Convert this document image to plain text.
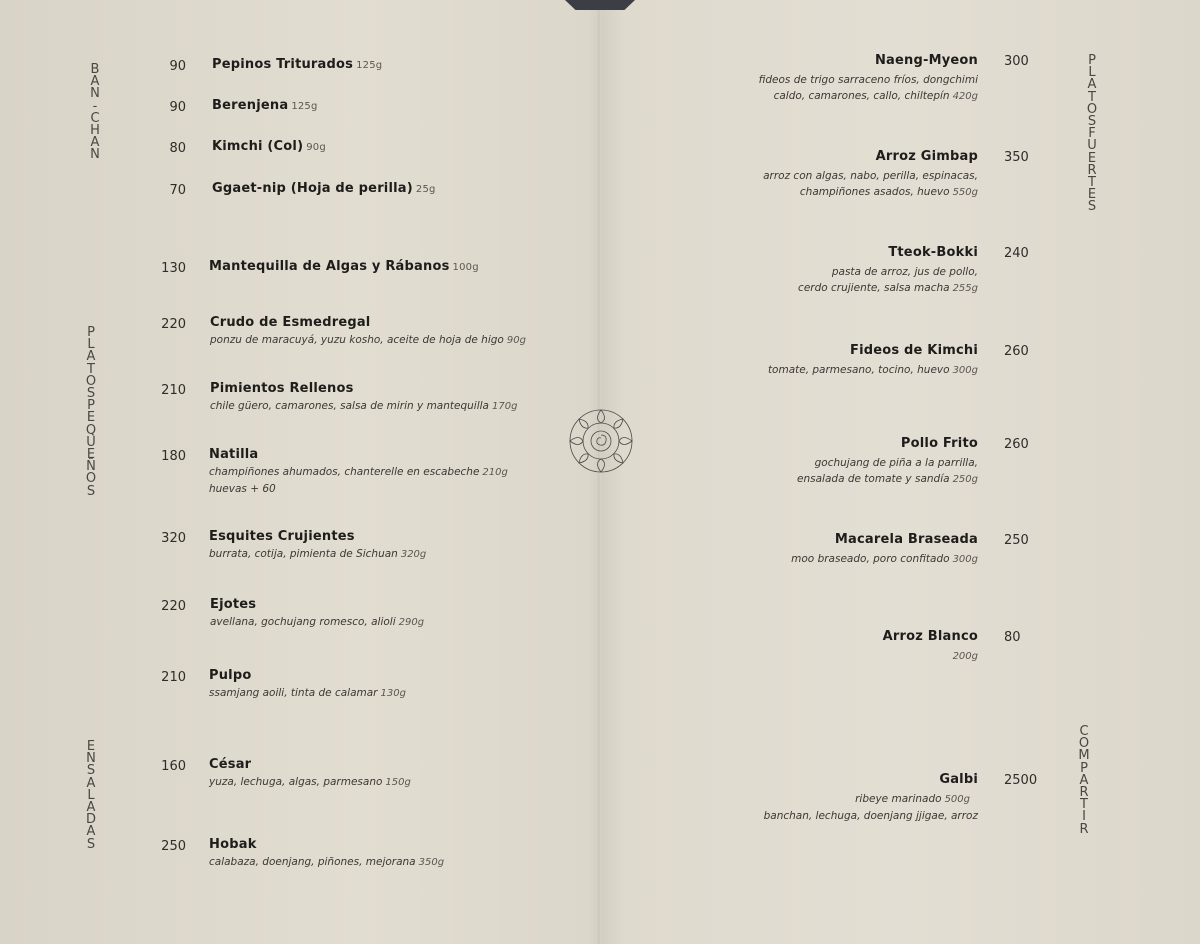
B
A
N
-
C
H
A
N
P
L
A
T
O
S
P
E
Q
U
E
Ñ
O
S
E
N
S
A
L
A
D
A
S
P
L
A
T
O
S
F
U
E
R
T
E
S
C
O
M
P
A
R
T
I
R
90 Pepinos Triturados 125g
90 Berenjena 125g
80 Kimchi (Col) 90g
70 Ggaet-nip (Hoja de perilla) 25g
130 Mantequilla de Algas y Rábanos 100g
220 Crudo de Esmedregal
ponzu de maracuyá, yuzu kosho, aceite de hoja de higo 90g
210 Pimientos Rellenos
chile güero, camarones, salsa de mirin y mantequilla 170g
180 Natilla
champiñones ahumados, chanterelle en escabeche 210g
huevas + 60
320 Esquites Crujientes
burrata, cotija, pimienta de Sichuan 320g
220 Ejotes
avellana, gochujang romesco, alioli 290g
210 Pulpo
ssamjang aoili, tinta de calamar 130g
160 César
yuza, lechuga, algas, parmesano 150g
250 Hobak
calabaza, doenjang, piñones, mejorana 350g
300
Naeng-Myeon
fideos de trigo sarraceno fríos, dongchimi
caldo, camarones, callo, chiltepín 420g
350
Arroz Gimbap
arroz con algas, nabo, perilla, espinacas,
champiñones asados, huevo 550g
240
Tteok-Bokki
pasta de arroz, jus de pollo,
cerdo crujiente, salsa macha 255g
260
Fideos de Kimchi
tomate, parmesano, tocino, huevo 300g
260
Pollo Frito
gochujang de piña a la parrilla,
ensalada de tomate y sandía 250g
250
Macarela Braseada
moo braseado, poro confitado 300g
80
Arroz Blanco
200g
2500
Galbi
ribeye marinado 500g
banchan, lechuga, doenjang jjigae, arroz
